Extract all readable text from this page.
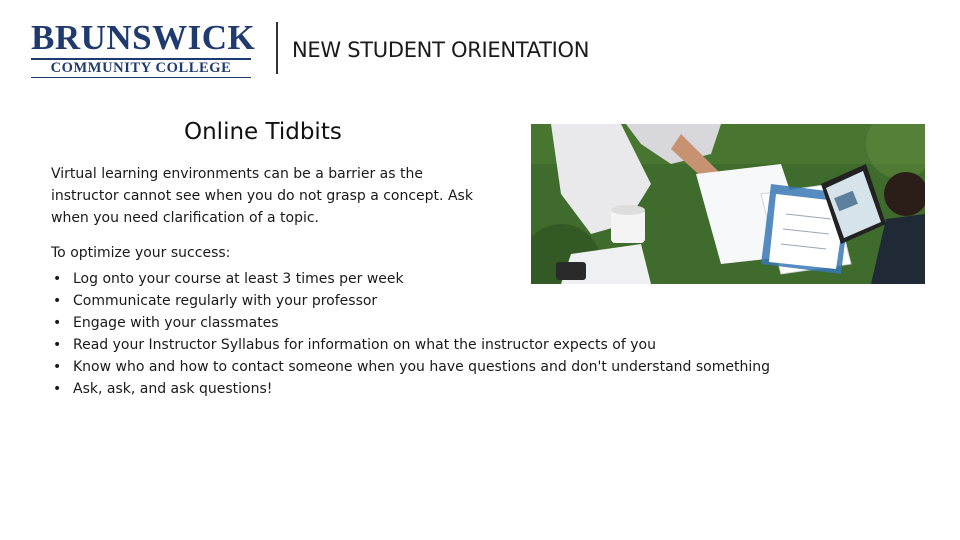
BRUNSWICK
COMMUNITY COLLEGE
NEW STUDENT ORIENTATION
Online Tidbits
Virtual learning environments can be a barrier as the
instructor cannot see when you do not grasp a concept. Ask
when you need clarification of a topic.
To optimize your success:
• Log onto your course at least 3 times per week
• Communicate regularly with your professor
• Engage with your classmates
• Read your Instructor Syllabus for information on what the instructor expects of you
• Know who and how to contact someone when you have questions and don't understand something
• Ask, ask, and ask questions!
